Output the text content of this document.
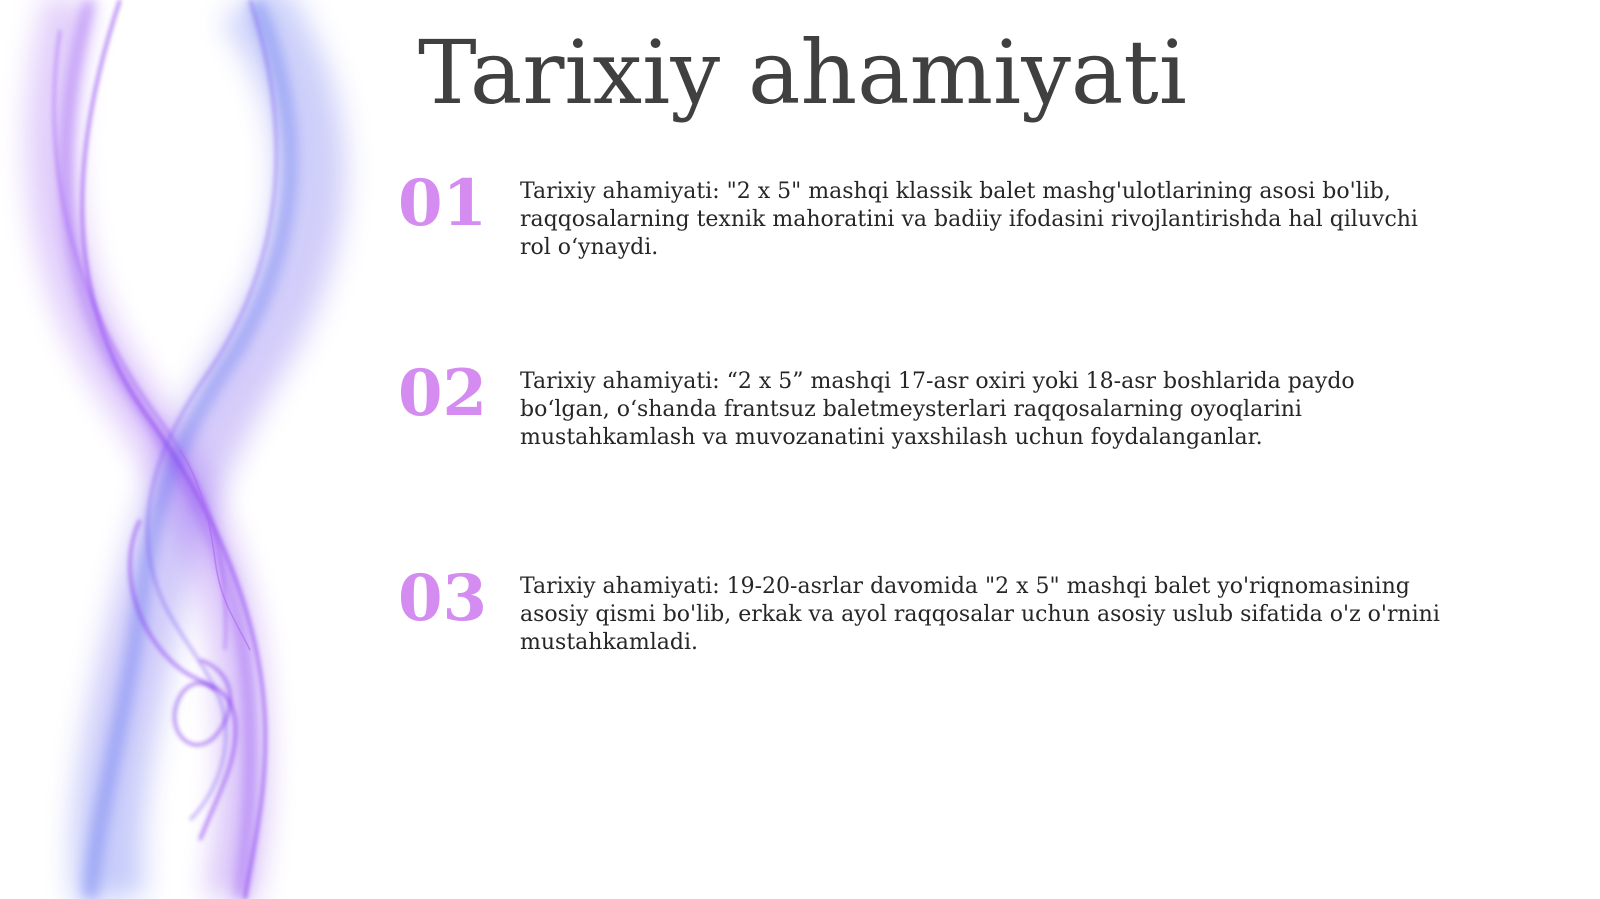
Tarixiy ahamiyati
01 Tarixiy ahamiyati: "2 x 5" mashqi klassik balet mashg'ulotlarining asosi bo'lib, raqqosalarning texnik mahoratini va badiiy ifodasini rivojlantirishda hal qiluvchi rol o‘ynaydi.
02 Tarixiy ahamiyati: “2 x 5” mashqi 17-asr oxiri yoki 18-asr boshlarida paydo bo‘lgan, o‘shanda frantsuz baletmeysterlari raqqosalarning oyoqlarini mustahkamlash va muvozanatini yaxshilash uchun foydalanganlar.
03 Tarixiy ahamiyati: 19-20-asrlar davomida "2 x 5" mashqi balet yo'riqnomasining asosiy qismi bo'lib, erkak va ayol raqqosalar uchun asosiy uslub sifatida o'z o'rnini mustahkamladi.
